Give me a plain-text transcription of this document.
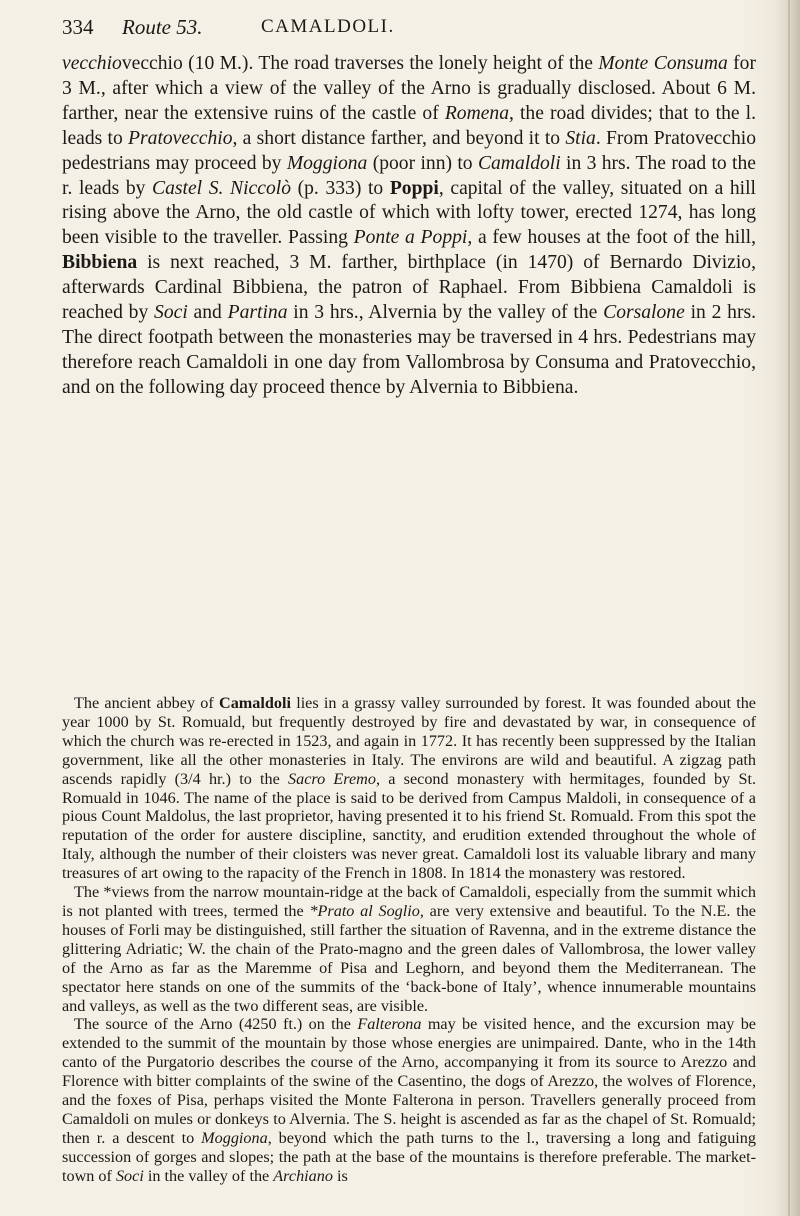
334 Route 53.	CAMALDOLI.

vecchiovecchio (10 M.). The road traverses the lonely height of the Monte Consuma for 3 M., after which a view of the valley of the Arno is gradually disclosed. About 6 M. farther, near the extensive ruins of the castle of Romena, the road divides; that to the l. leads to Pratovecchio, a short distance farther, and beyond it to Stia. From Pratovecchio pedestrians may proceed by Moggiona (poor inn) to Camaldoli in 3 hrs. The road to the r. leads by Castel S. Niccolò (p. 333) to Poppi, capital of the valley, situated on a hill rising above the Arno, the old castle of which with lofty tower, erected 1274, has long been visible to the traveller. Passing Ponte a Poppi, a few houses at the foot of the hill, Bibbiena is next reached, 3 M. farther, birthplace (in 1470) of Bernardo Divizio, afterwards Cardinal Bibbiena, the patron of Raphael. From Bibbiena Camaldoli is reached by Soci and Partina in 3 hrs., Alvernia by the valley of the Corsalone in 2 hrs. The direct footpath between the monasteries may be traversed in 4 hrs. Pedestrians may therefore reach Camaldoli in one day from Vallombrosa by Consuma and Pratovecchio, and on the following day proceed thence by Alvernia to Bibbiena.

The ancient abbey of Camaldoli lies in a grassy valley surrounded by forest. It was founded about the year 1000 by St. Romuald, but frequently destroyed by fire and devastated by war, in consequence of which the church was re-erected in 1523, and again in 1772. It has recently been suppressed by the Italian government, like all the other monasteries in Italy. The environs are wild and beautiful. A zigzag path ascends rapidly (3/4 hr.) to the Sacro Eremo, a second monastery with hermitages, founded by St. Romuald in 1046. The name of the place is said to be derived from Campus Maldoli, in consequence of a pious Count Maldolus, the last proprietor, having presented it to his friend St. Romuald. From this spot the reputation of the order for austere discipline, sanctity, and erudition extended throughout the whole of Italy, although the number of their cloisters was never great. Camaldoli lost its valuable library and many treasures of art owing to the rapacity of the French in 1808. In 1814 the monastery was restored.

The *views from the narrow mountain-ridge at the back of Camaldoli, especially from the summit which is not planted with trees, termed the *Prato al Soglio, are very extensive and beautiful. To the N.E. the houses of Forli may be distinguished, still farther the situation of Ravenna, and in the extreme distance the glittering Adriatic; W. the chain of the Prato-magno and the green dales of Vallombrosa, the lower valley of the Arno as far as the Maremme of Pisa and Leghorn, and beyond them the Mediterranean. The spectator here stands on one of the summits of the ‘back-bone of Italy’, whence innumerable mountains and valleys, as well as the two different seas, are visible.

The source of the Arno (4250 ft.) on the Falterona may be visited hence, and the excursion may be extended to the summit of the mountain by those whose energies are unimpaired. Dante, who in the 14th canto of the Purgatorio describes the course of the Arno, accompanying it from its source to Arezzo and Florence with bitter complaints of the swine of the Casentino, the dogs of Arezzo, the wolves of Florence, and the foxes of Pisa, perhaps visited the Monte Falterona in person. Travellers generally proceed from Camaldoli on mules or donkeys to Alvernia. The S. height is ascended as far as the chapel of St. Romuald; then r. a descent to Moggiona, beyond which the path turns to the l., traversing a long and fatiguing succession of gorges and slopes; the path at the base of the mountains is therefore preferable. The market-town of Soci in the valley of the Archiano is
